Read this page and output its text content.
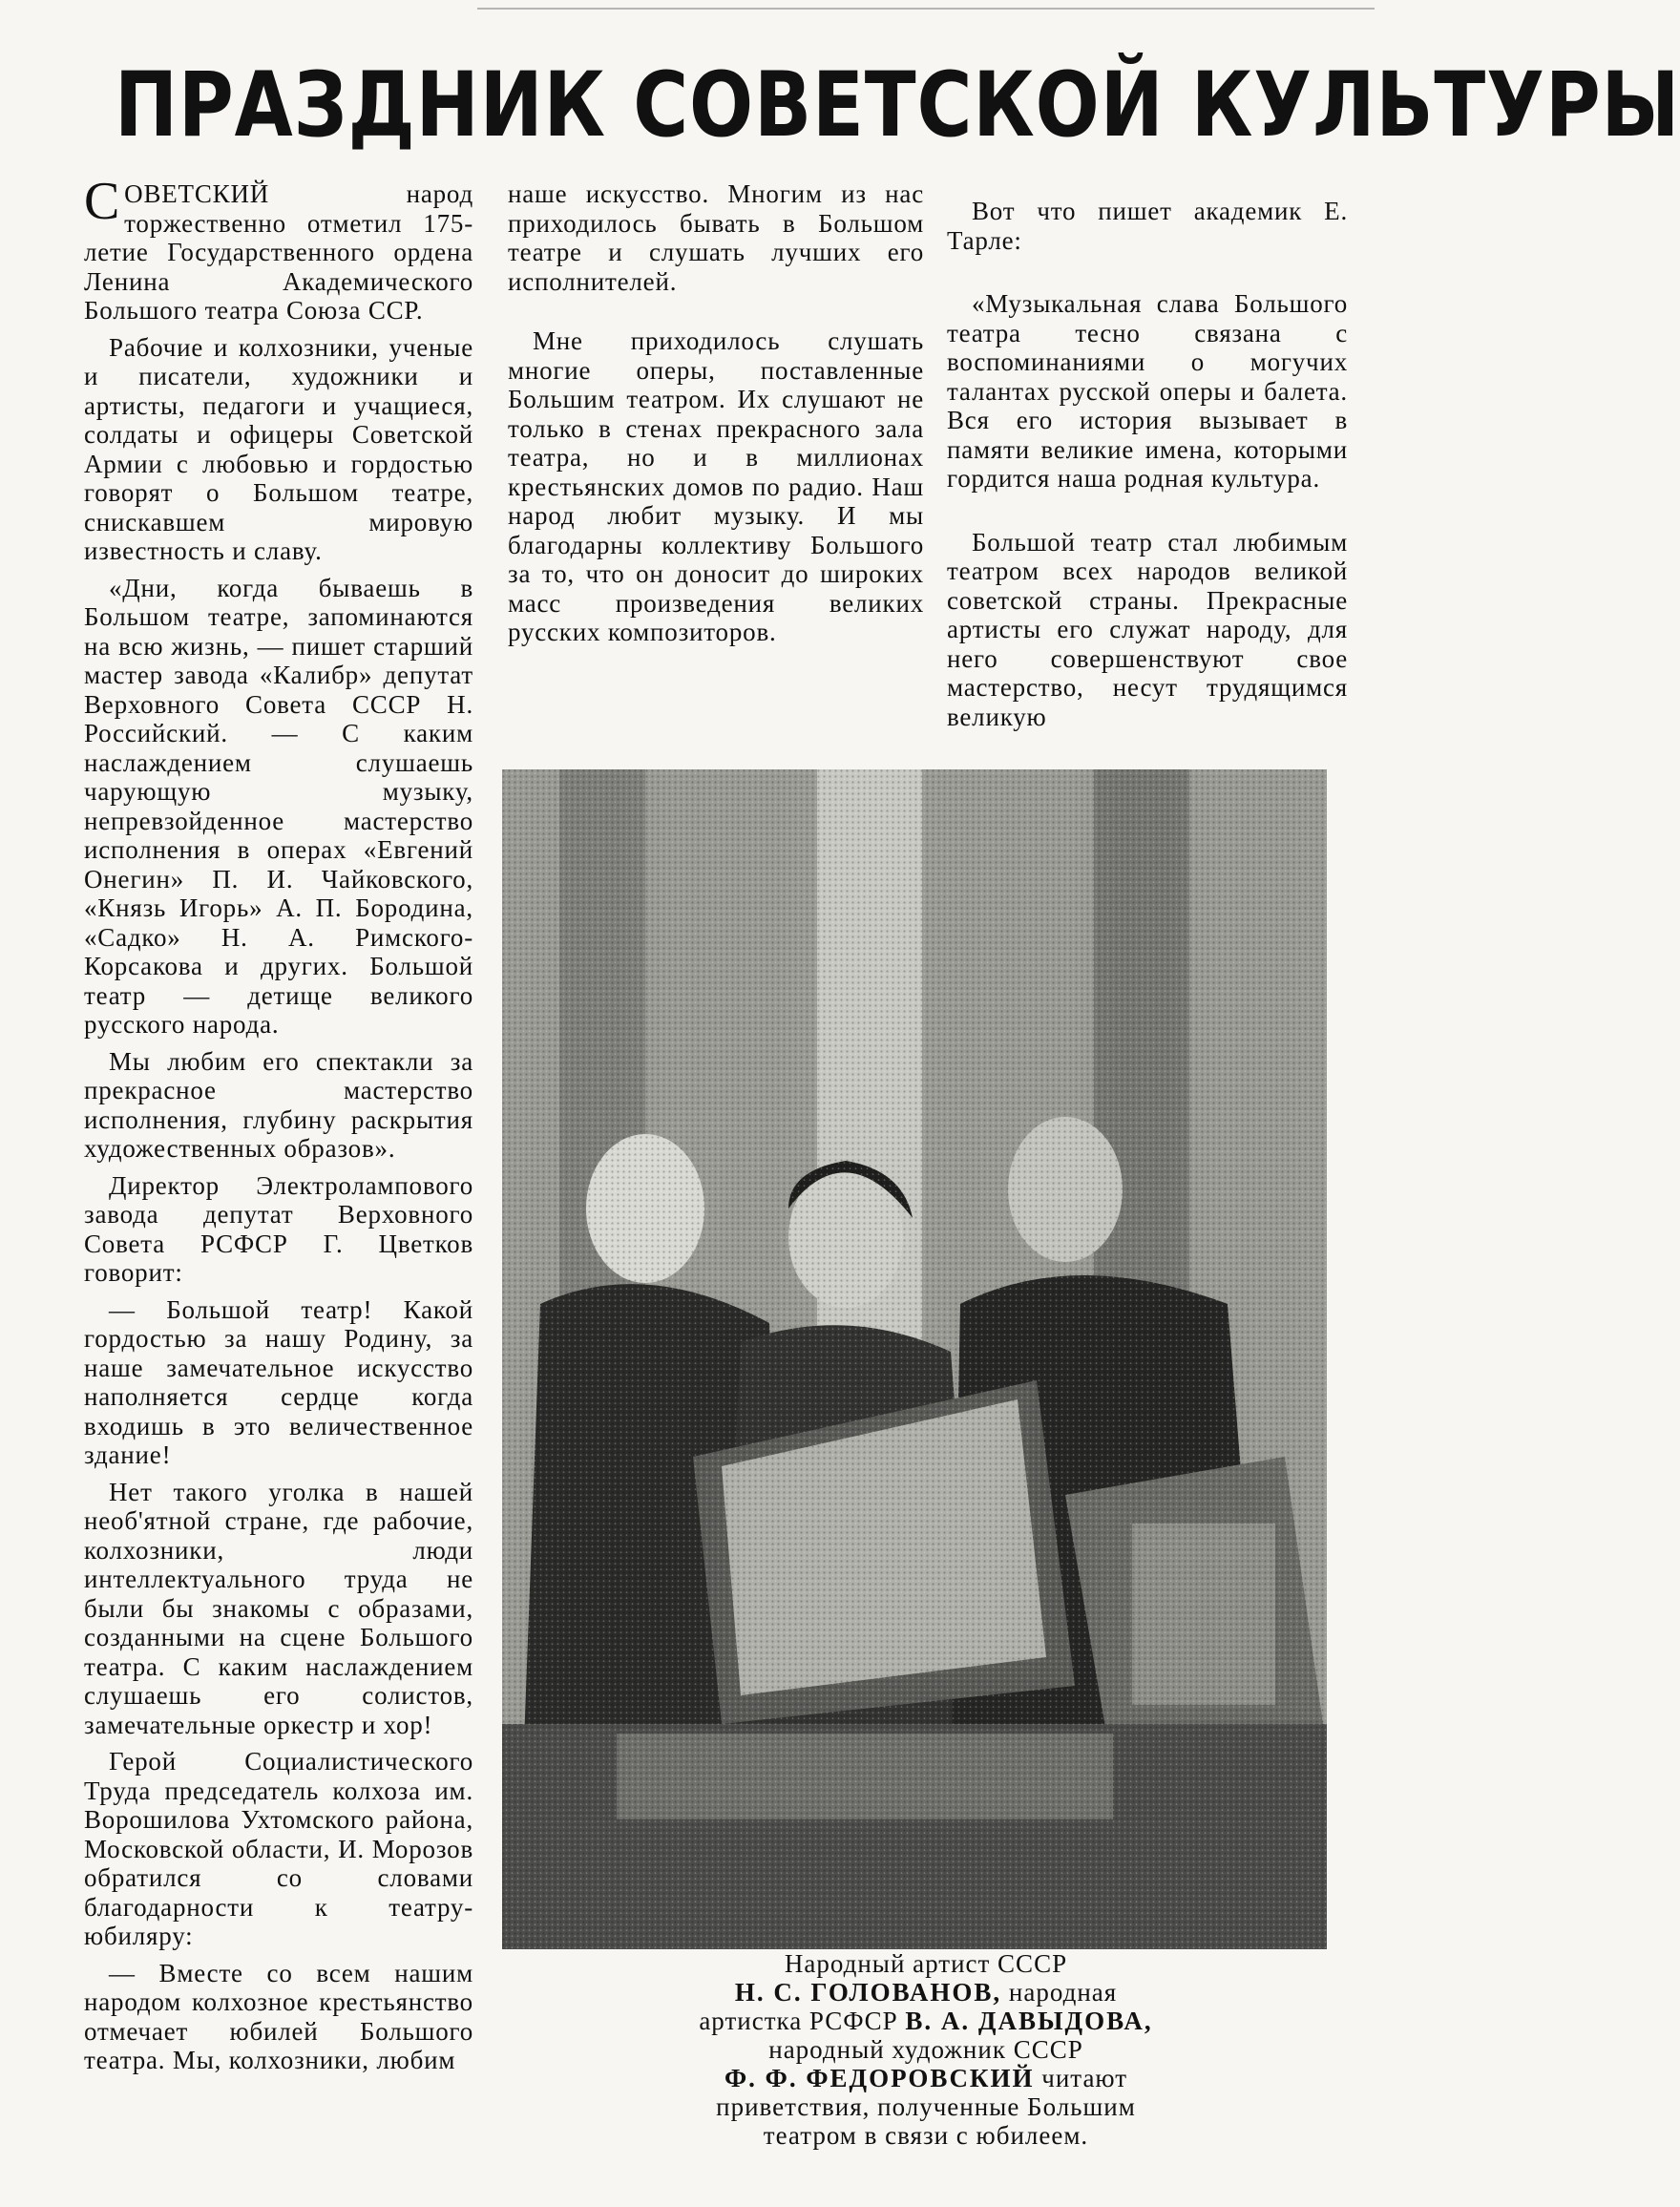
ПРАЗДНИК СОВЕТСКОЙ КУЛЬТУРЫ

СОВЕТСКИЙ народ торжественно отметил 175-летие Государственного ордена Ленина Академического Большого театра Союза ССР.

Рабочие и колхозники, ученые и писатели, художники и артисты, педагоги и учащиеся, солдаты и офицеры Советской Армии с любовью и гордостью говорят о Большом театре, снискавшем мировую известность и славу.

«Дни, когда бываешь в Большом театре, запоминаются на всю жизнь, — пишет старший мастер завода «Калибр» депутат Верховного Совета СССР Н. Российский. — С каким наслаждением слушаешь чарующую музыку, непревзойденное мастерство исполнения в операх «Евгений Онегин» П. И. Чайковского, «Князь Игорь» А. П. Бородина, «Садко» Н. А. Римского-Корсакова и других. Большой театр — детище великого русского народа.

Мы любим его спектакли за прекрасное мастерство исполнения, глубину раскрытия художественных образов».

Директор Электролампового завода депутат Верховного Совета РСФСР Г. Цветков говорит:

— Большой театр! Какой гордостью за нашу Родину, за наше замечательное искусство наполняется сердце когда входишь в это величественное здание!

Нет такого уголка в нашей необ'ятной стране, где рабочие, колхозники, люди интеллектуального труда не были бы знакомы с образами, созданными на сцене Большого театра. С каким наслаждением слушаешь его солистов, замечательные оркестр и хор!

Герой Социалистического Труда председатель колхоза им. Ворошилова Ухтомского района, Московской области, И. Морозов обратился со словами благодарности к театру-юбиляру:

— Вместе со всем нашим народом колхозное крестьянство отмечает юбилей Большого театра. Мы, колхозники, любим

наше искусство. Многим из нас приходилось бывать в Большом театре и слушать лучших его исполнителей.

Мне приходилось слушать многие оперы, поставленные Большим театром. Их слушают не только в стенах прекрасного зала театра, но и в миллионах крестьянских домов по радио. Наш народ любит музыку. И мы благодарны коллективу Большого за то, что он доносит до широких масс произведения великих русских композиторов.

Вот что пишет академик Е. Тарле:

«Музыкальная слава Большого театра тесно связана с воспоминаниями о могучих талантах русской оперы и балета. Вся его история вызывает в памяти великие имена, которыми гордится наша родная культура.

Большой театр стал любимым театром всех народов великой советской страны. Прекрасные артисты его служат народу, для него совершенствуют свое мастерство, несут трудящимся великую

Народный артист СССР
Н. С. ГОЛОВАНОВ, народная
артистка РСФСР В. А. ДАВЫДОВА,
народный художник СССР
Ф. Ф. ФЕДОРОВСКИЙ читают
приветствия, полученные Большим
театром в связи с юбилеем.
